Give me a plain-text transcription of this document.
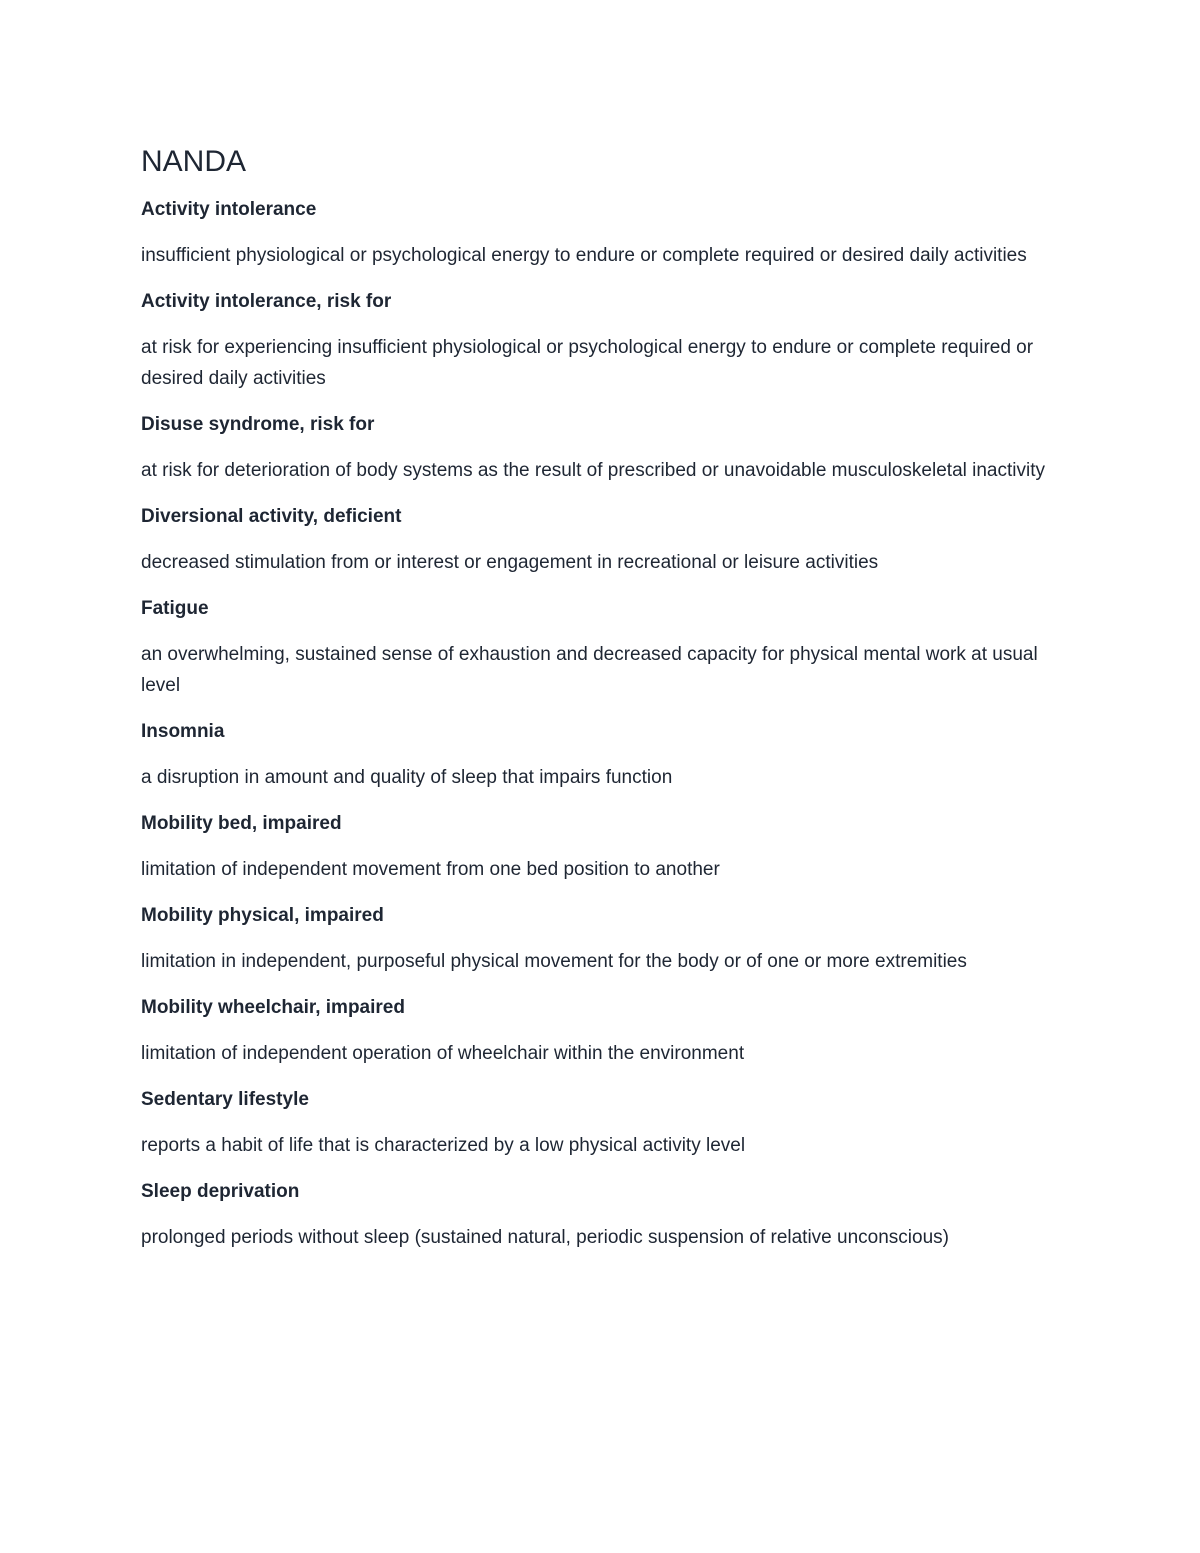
NANDA

Activity intolerance

insufficient physiological or psychological energy to endure or complete required or desired daily activities

Activity intolerance, risk for

at risk for experiencing insufficient physiological or psychological energy to endure or complete required or desired daily activities

Disuse syndrome, risk for

at risk for deterioration of body systems as the result of prescribed or unavoidable musculoskeletal inactivity

Diversional activity, deficient

decreased stimulation from or interest or engagement in recreational or leisure activities

Fatigue

an overwhelming, sustained sense of exhaustion and decreased capacity for physical mental work at usual level

Insomnia

a disruption in amount and quality of sleep that impairs function

Mobility bed, impaired

limitation of independent movement from one bed position to another

Mobility physical, impaired

limitation in independent, purposeful physical movement for the body or of one or more extremities

Mobility wheelchair, impaired

limitation of independent operation of wheelchair within the environment

Sedentary lifestyle

reports a habit of life that is characterized by a low physical activity level

Sleep deprivation

prolonged periods without sleep (sustained natural, periodic suspension of relative unconscious)
